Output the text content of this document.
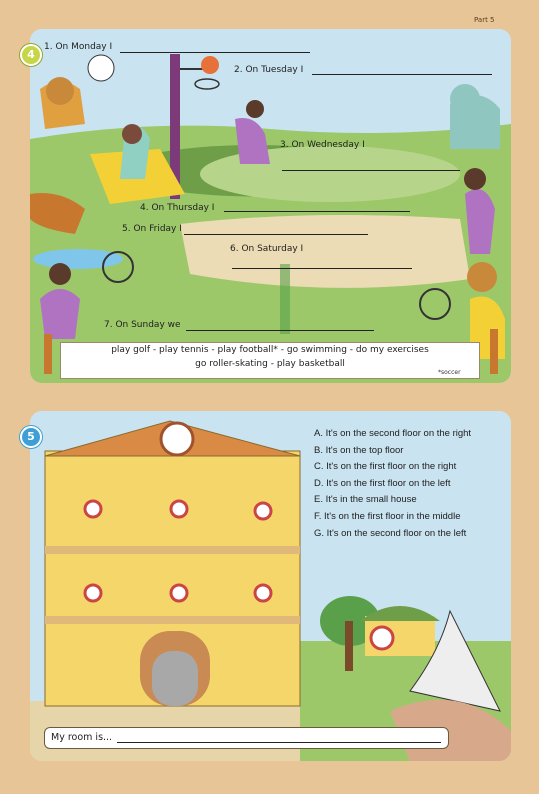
Part 5
4
1. On Monday I
2. On Tuesday I
3. On Wednesday I
4. On Thursday I
5. On Friday I
6. On Saturday I
7. On Sunday we
play golf - play tennis - play football* - go swimming - do my exercises
go roller-skating - play basketball
*soccer
5	A. It's on the second floor on the right
B. It's on the top floor
C. It's on the first floor on the right
D. It's on the first floor on the left
E. It's in the small house
F. It's on the first floor in the middle
G. It's on the second floor on the left
My room is...
